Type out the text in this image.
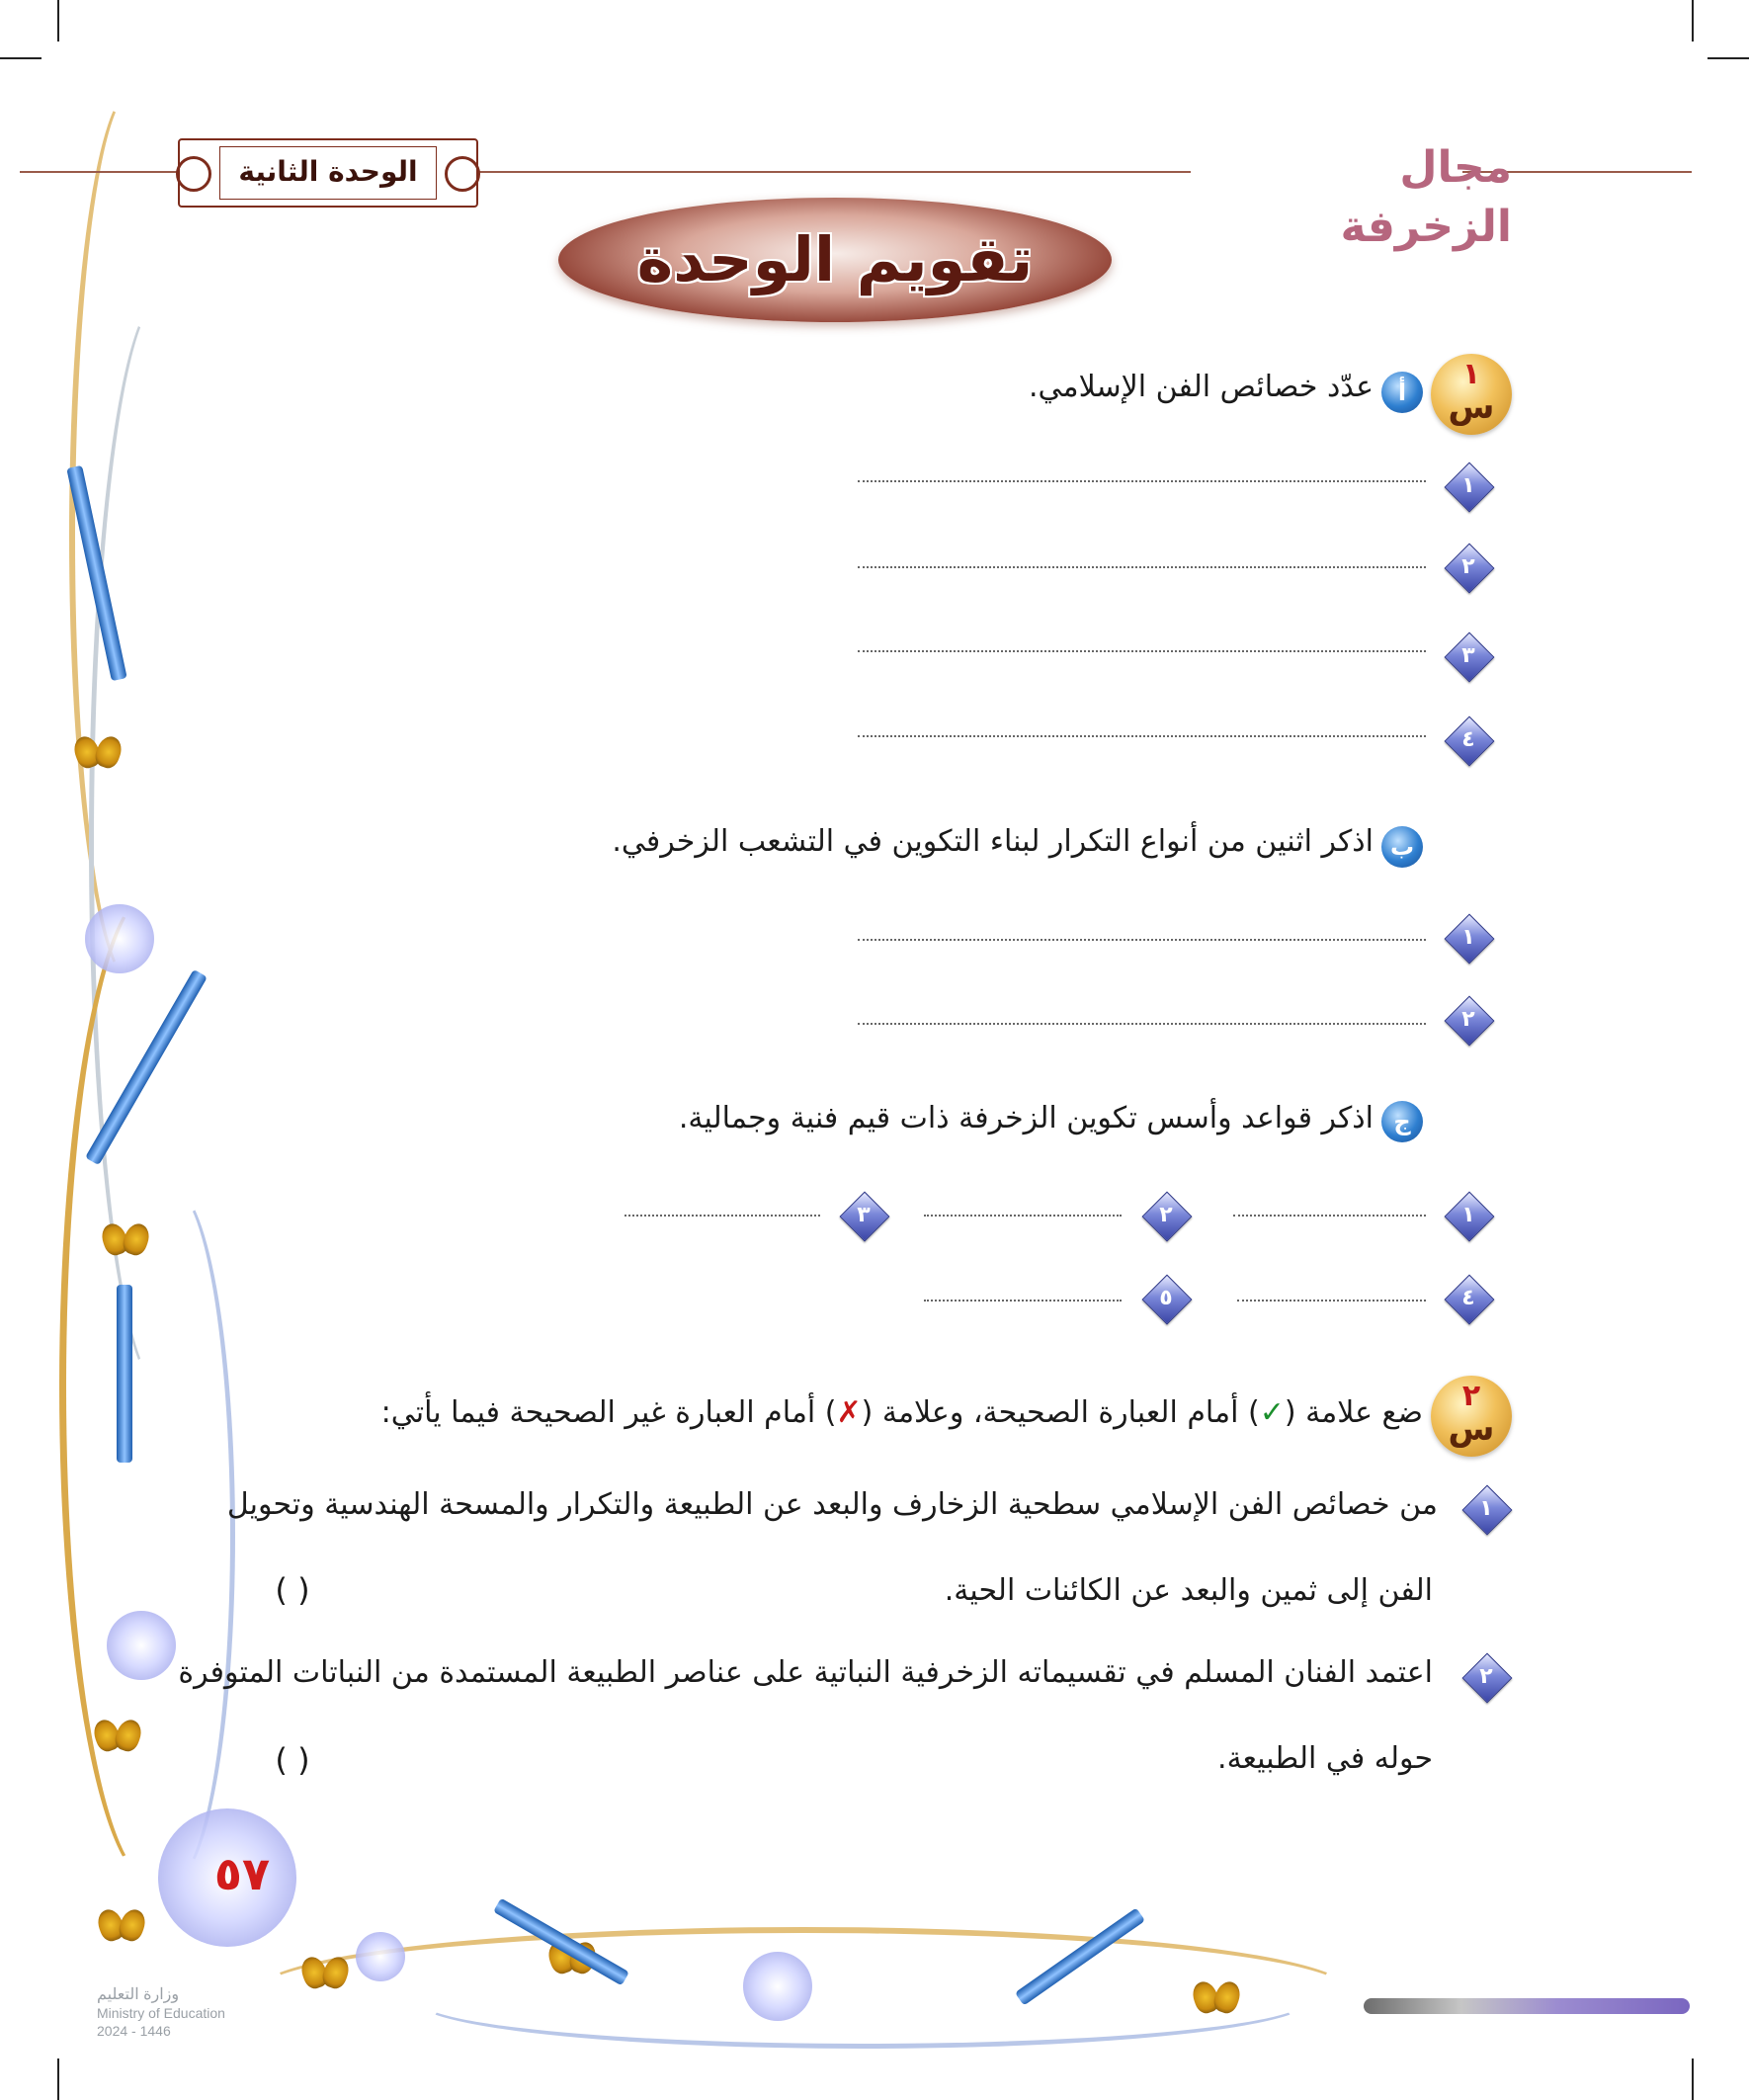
الوحدة الثانية	مجال الزخرفة
تقويم الوحدة
١
س
أ
عدّد خصائص الفن الإسلامي.
١
٢
٣
٤
ب
اذكر اثنين من أنواع التكرار لبناء التكوين في التشعب الزخرفي.
١
٢
ج
اذكر قواعد وأسس تكوين الزخرفة ذات قيم فنية وجمالية.
١
٢
٣
٤
٥
٢
س
ضع علامة (✓) أمام العبارة الصحيحة، وعلامة (✗) أمام العبارة غير الصحيحة فيما يأتي:
١
من خصائص الفن الإسلامي سطحية الزخارف والبعد عن الطبيعة والتكرار والمسحة الهندسية وتحويل
الفن إلى ثمين والبعد عن الكائنات الحية.
( )
٢
اعتمد الفنان المسلم في تقسيماته الزخرفية النباتية على عناصر الطبيعة المستمدة من النباتات المتوفرة
حوله في الطبيعة.
( )
٥٧
وزارة التعليم
Ministry of Education
2024 - 1446
